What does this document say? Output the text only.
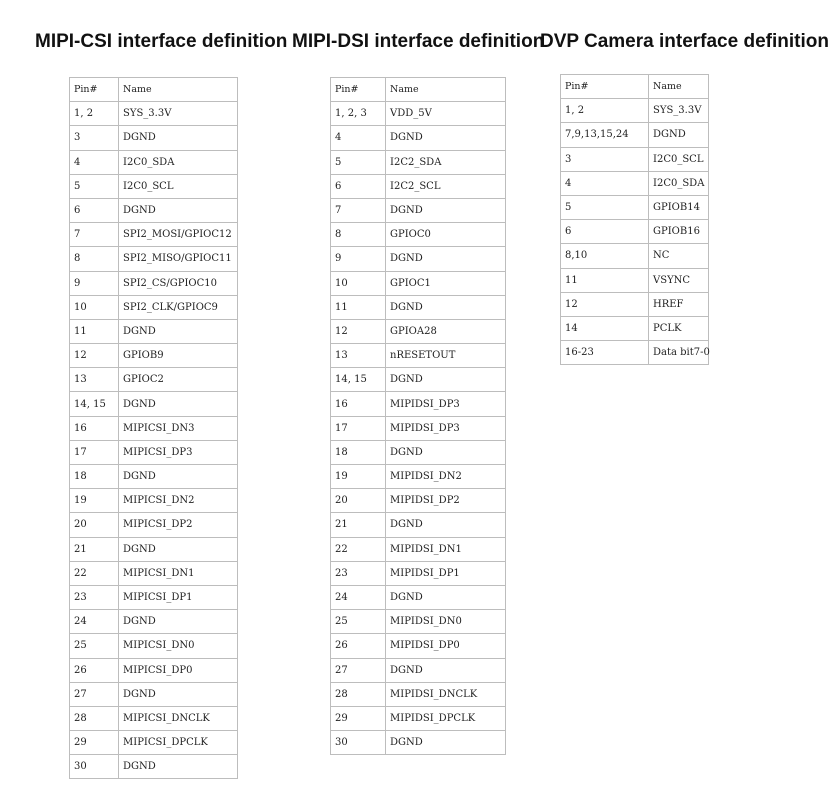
MIPI-CSI interface definition
Pin#	Name
1, 2	SYS_3.3V
3	DGND
4	I2C0_SDA
5	I2C0_SCL
6	DGND
7	SPI2_MOSI/GPIOC12
8	SPI2_MISO/GPIOC11
9	SPI2_CS/GPIOC10
10	SPI2_CLK/GPIOC9
11	DGND
12	GPIOB9
13	GPIOC2
14, 15	DGND
16	MIPICSI_DN3
17	MIPICSI_DP3
18	DGND
19	MIPICSI_DN2
20	MIPICSI_DP2
21	DGND
22	MIPICSI_DN1
23	MIPICSI_DP1
24	DGND
25	MIPICSI_DN0
26	MIPICSI_DP0
27	DGND
28	MIPICSI_DNCLK
29	MIPICSI_DPCLK
30	DGND
MIPI-DSI interface definition
Pin#	Name
1, 2, 3	VDD_5V
4	DGND
5	I2C2_SDA
6	I2C2_SCL
7	DGND
8	GPIOC0
9	DGND
10	GPIOC1
11	DGND
12	GPIOA28
13	nRESETOUT
14, 15	DGND
16	MIPIDSI_DP3
17	MIPIDSI_DP3
18	DGND
19	MIPIDSI_DN2
20	MIPIDSI_DP2
21	DGND
22	MIPIDSI_DN1
23	MIPIDSI_DP1
24	DGND
25	MIPIDSI_DN0
26	MIPIDSI_DP0
27	DGND
28	MIPIDSI_DNCLK
29	MIPIDSI_DPCLK
30	DGND
DVP Camera interface definition
Pin#	Name
1, 2	SYS_3.3V
7,9,13,15,24	DGND
3	I2C0_SCL
4	I2C0_SDA
5	GPIOB14
6	GPIOB16
8,10	NC
11	VSYNC
12	HREF
14	PCLK
16-23	Data bit7-0
